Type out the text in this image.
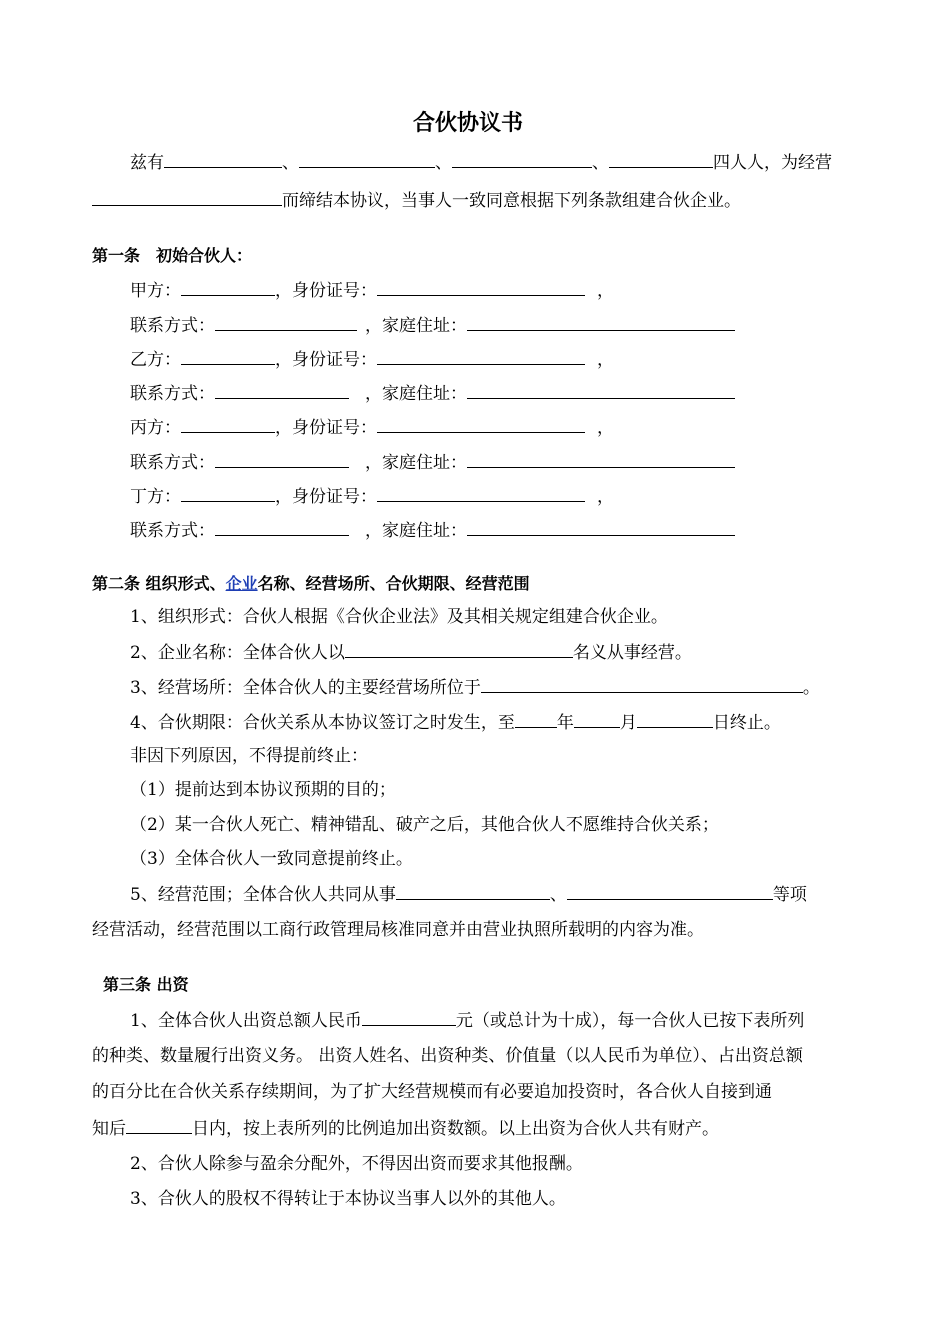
合伙协议书
兹有	、	、	、	四人人，为经营
而缔结本协议，当事人一致同意根据下列条款组建合伙企业。
第一条　初始合伙人：
甲方：	，身份证号：	，
联系方式：	，家庭住址：
乙方：	，身份证号：	，
联系方式：	，家庭住址：
丙方：	，身份证号：	，
联系方式：	，家庭住址：
丁方：	，身份证号：	，
联系方式：	，家庭住址：
第二条 组织形式、企业名称、经营场所、合伙期限、经营范围
1、组织形式：合伙人根据《合伙企业法》及其相关规定组建合伙企业。
2、企业名称：全体合伙人以	名义从事经营。
3、经营场所：全体合伙人的主要经营场所位于	。
4、合伙期限：合伙关系从本协议签订之时发生，至 年	月	日终止。
非因下列原因，不得提前终止：
（1）提前达到本协议预期的目的；
（2）某一合伙人死亡、精神错乱、破产之后，其他合伙人不愿维持合伙关系；
（3）全体合伙人一致同意提前终止。
5、经营范围；全体合伙人共同从事	、	等项
经营活动，经营范围以工商行政管理局核准同意并由营业执照所载明的内容为准。
第三条 出资
1、全体合伙人出资总额人民币	元（或总计为十成），每一合伙人已按下表所列
的种类、数量履行出资义务。 出资人姓名、出资种类、价值量（以人民币为单位）、占出资总额
的百分比在合伙关系存续期间，为了扩大经营规模而有必要追加投资时，各合伙人自接到通
知后	日内，按上表所列的比例追加出资数额。以上出资为合伙人共有财产。
2、合伙人除参与盈余分配外，不得因出资而要求其他报酬。
3、合伙人的股权不得转让于本协议当事人以外的其他人。
